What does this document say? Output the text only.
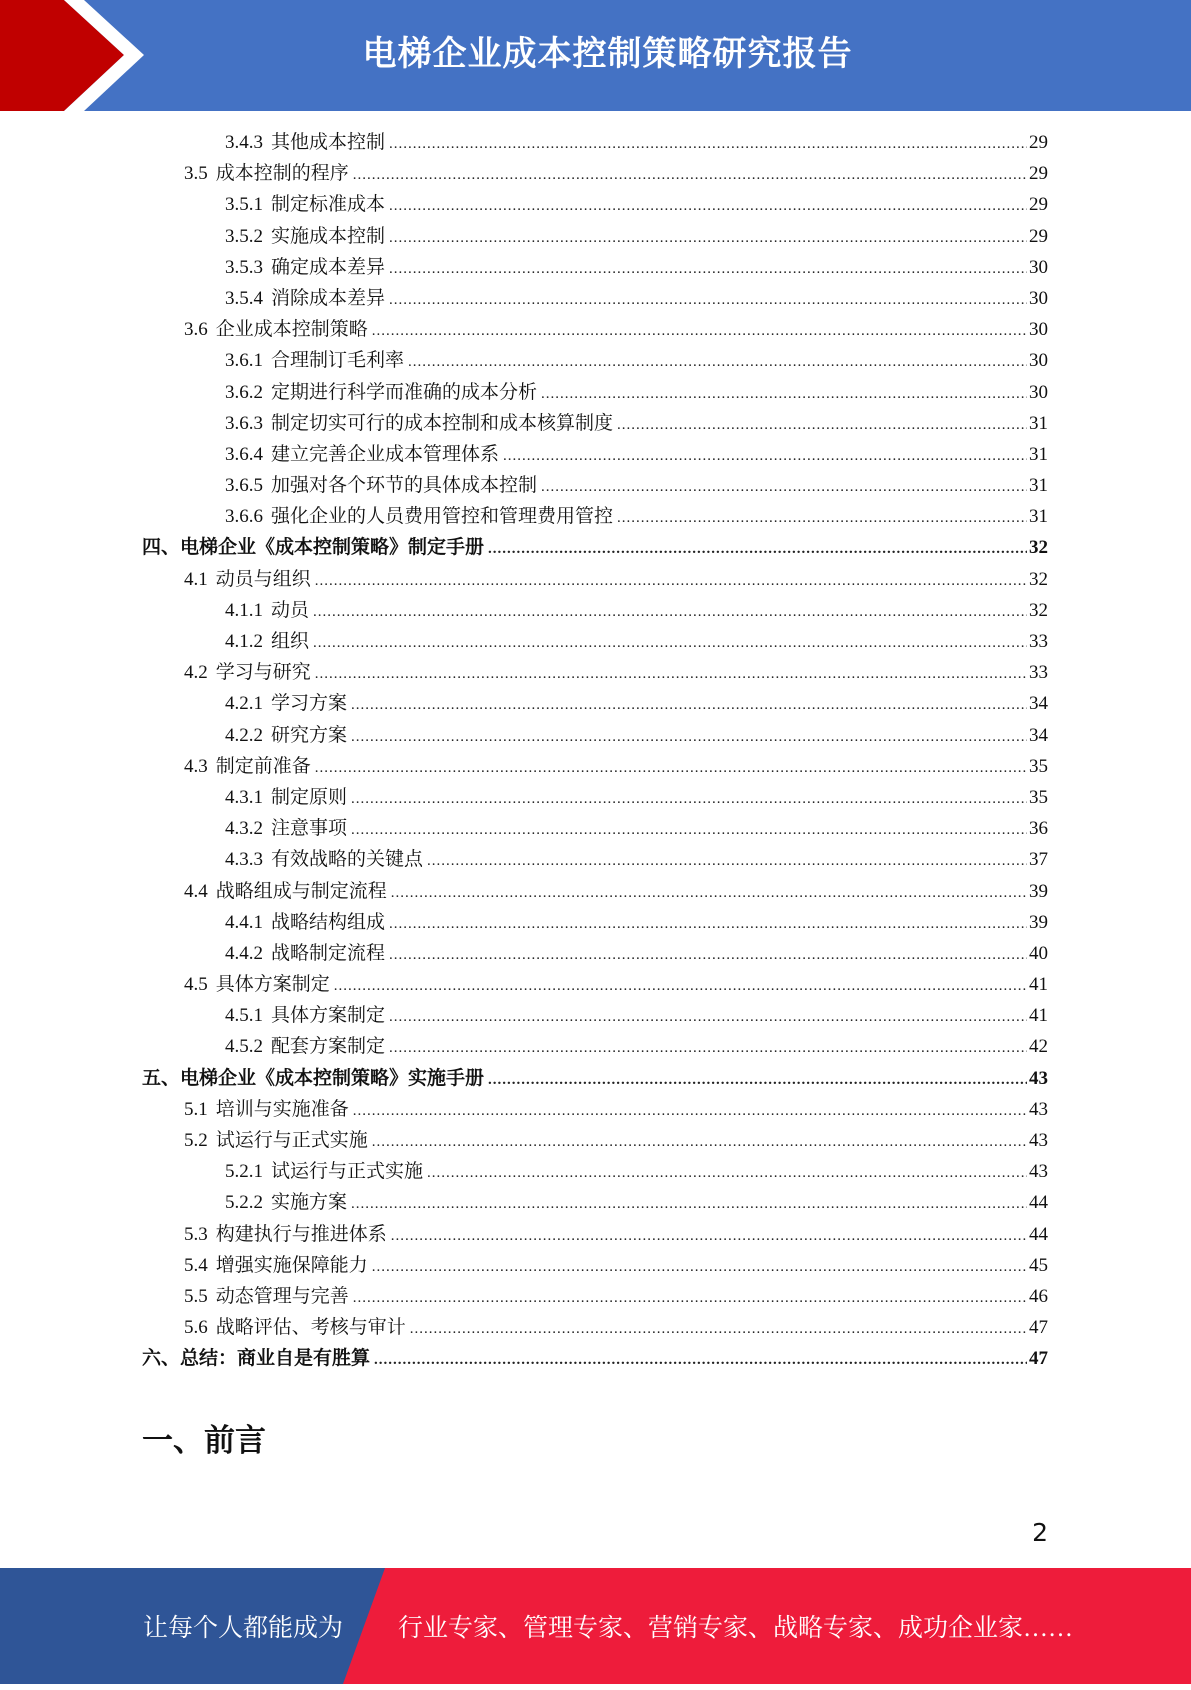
电梯企业成本控制策略研究报告
3.4.3 其他成本控制 .....	29
3.5 成本控制的程序 .....	29
3.5.1 制定标准成本 .....	29
3.5.2 实施成本控制 .....	29
3.5.3 确定成本差异 .....	30
3.5.4 消除成本差异 .....	30
3.6 企业成本控制策略 .....	30
3.6.1 合理制订毛利率 .....	30
3.6.2 定期进行科学而准确的成本分析 .....	30
3.6.3 制定切实可行的成本控制和成本核算制度 .....	31
3.6.4 建立完善企业成本管理体系 .....	31
3.6.5 加强对各个环节的具体成本控制 .....	31
3.6.6 强化企业的人员费用管控和管理费用管控 .....	31
四、 电梯企业《成本控制策略》制定手册 .....	32
4.1 动员与组织 .....	32
4.1.1 动员 .....	32
4.1.2 组织 .....	33
4.2 学习与研究 .....	33
4.2.1 学习方案 .....	34
4.2.2 研究方案 .....	34
4.3 制定前准备 .....	35
4.3.1 制定原则 .....	35
4.3.2 注意事项 .....	36
4.3.3 有效战略的关键点 .....	37
4.4 战略组成与制定流程 .....	39
4.4.1 战略结构组成 .....	39
4.4.2 战略制定流程 .....	40
4.5 具体方案制定 .....	41
4.5.1 具体方案制定 .....	41
4.5.2 配套方案制定 .....	42
五、 电梯企业《成本控制策略》实施手册 .....	43
5.1 培训与实施准备 .....	43
5.2 试运行与正式实施 .....	43
5.2.1 试运行与正式实施 .....	43
5.2.2 实施方案 .....	44
5.3 构建执行与推进体系 .....	44
5.4 增强实施保障能力 .....	45
5.5 动态管理与完善 .....	46
5.6 战略评估、考核与审计 .....	47
六、 总结：商业自是有胜算 .....	47
一、前言
2
让每个人都能成为 行业专家、管理专家、营销专家、战略专家、成功企业家……
